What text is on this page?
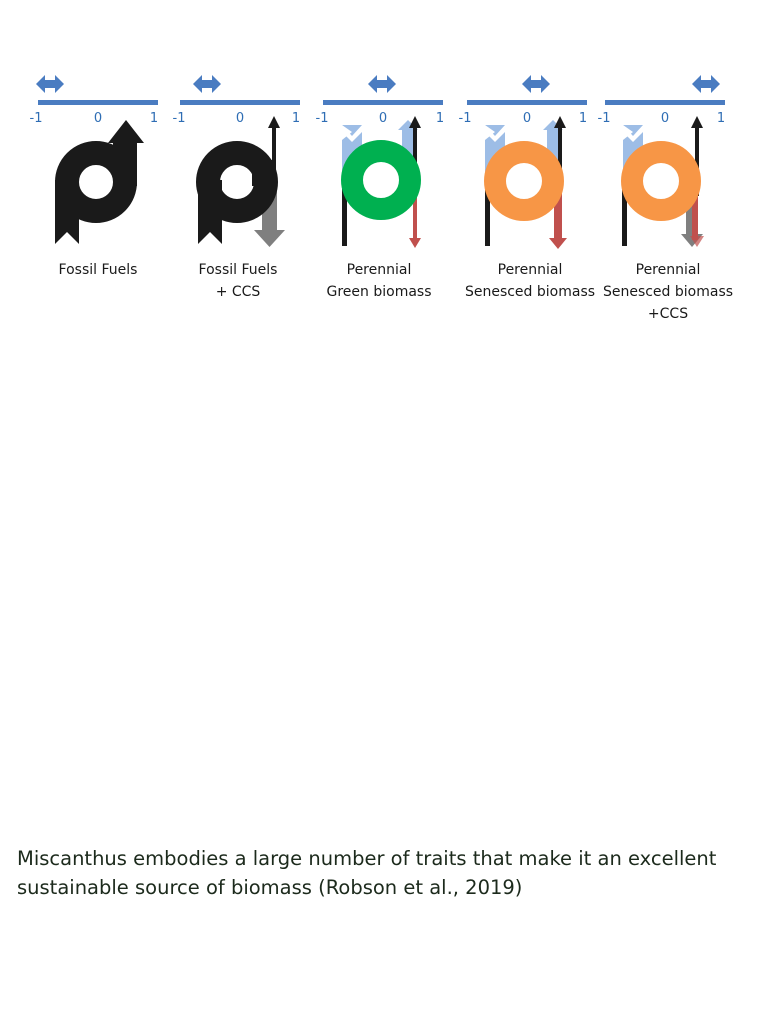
-1	0	1
Fossil Fuels
-1	0	1
Fossil Fuels
+ CCS
-1	0	1
Perennial
Green biomass
-1	0	1
Perennial
Senesced biomass
-1	0	1
Perennial
Senesced biomass
+CCS

Miscanthus embodies a large number of traits that make it an excellent sustainable source of biomass (Robson et al., 2019)
